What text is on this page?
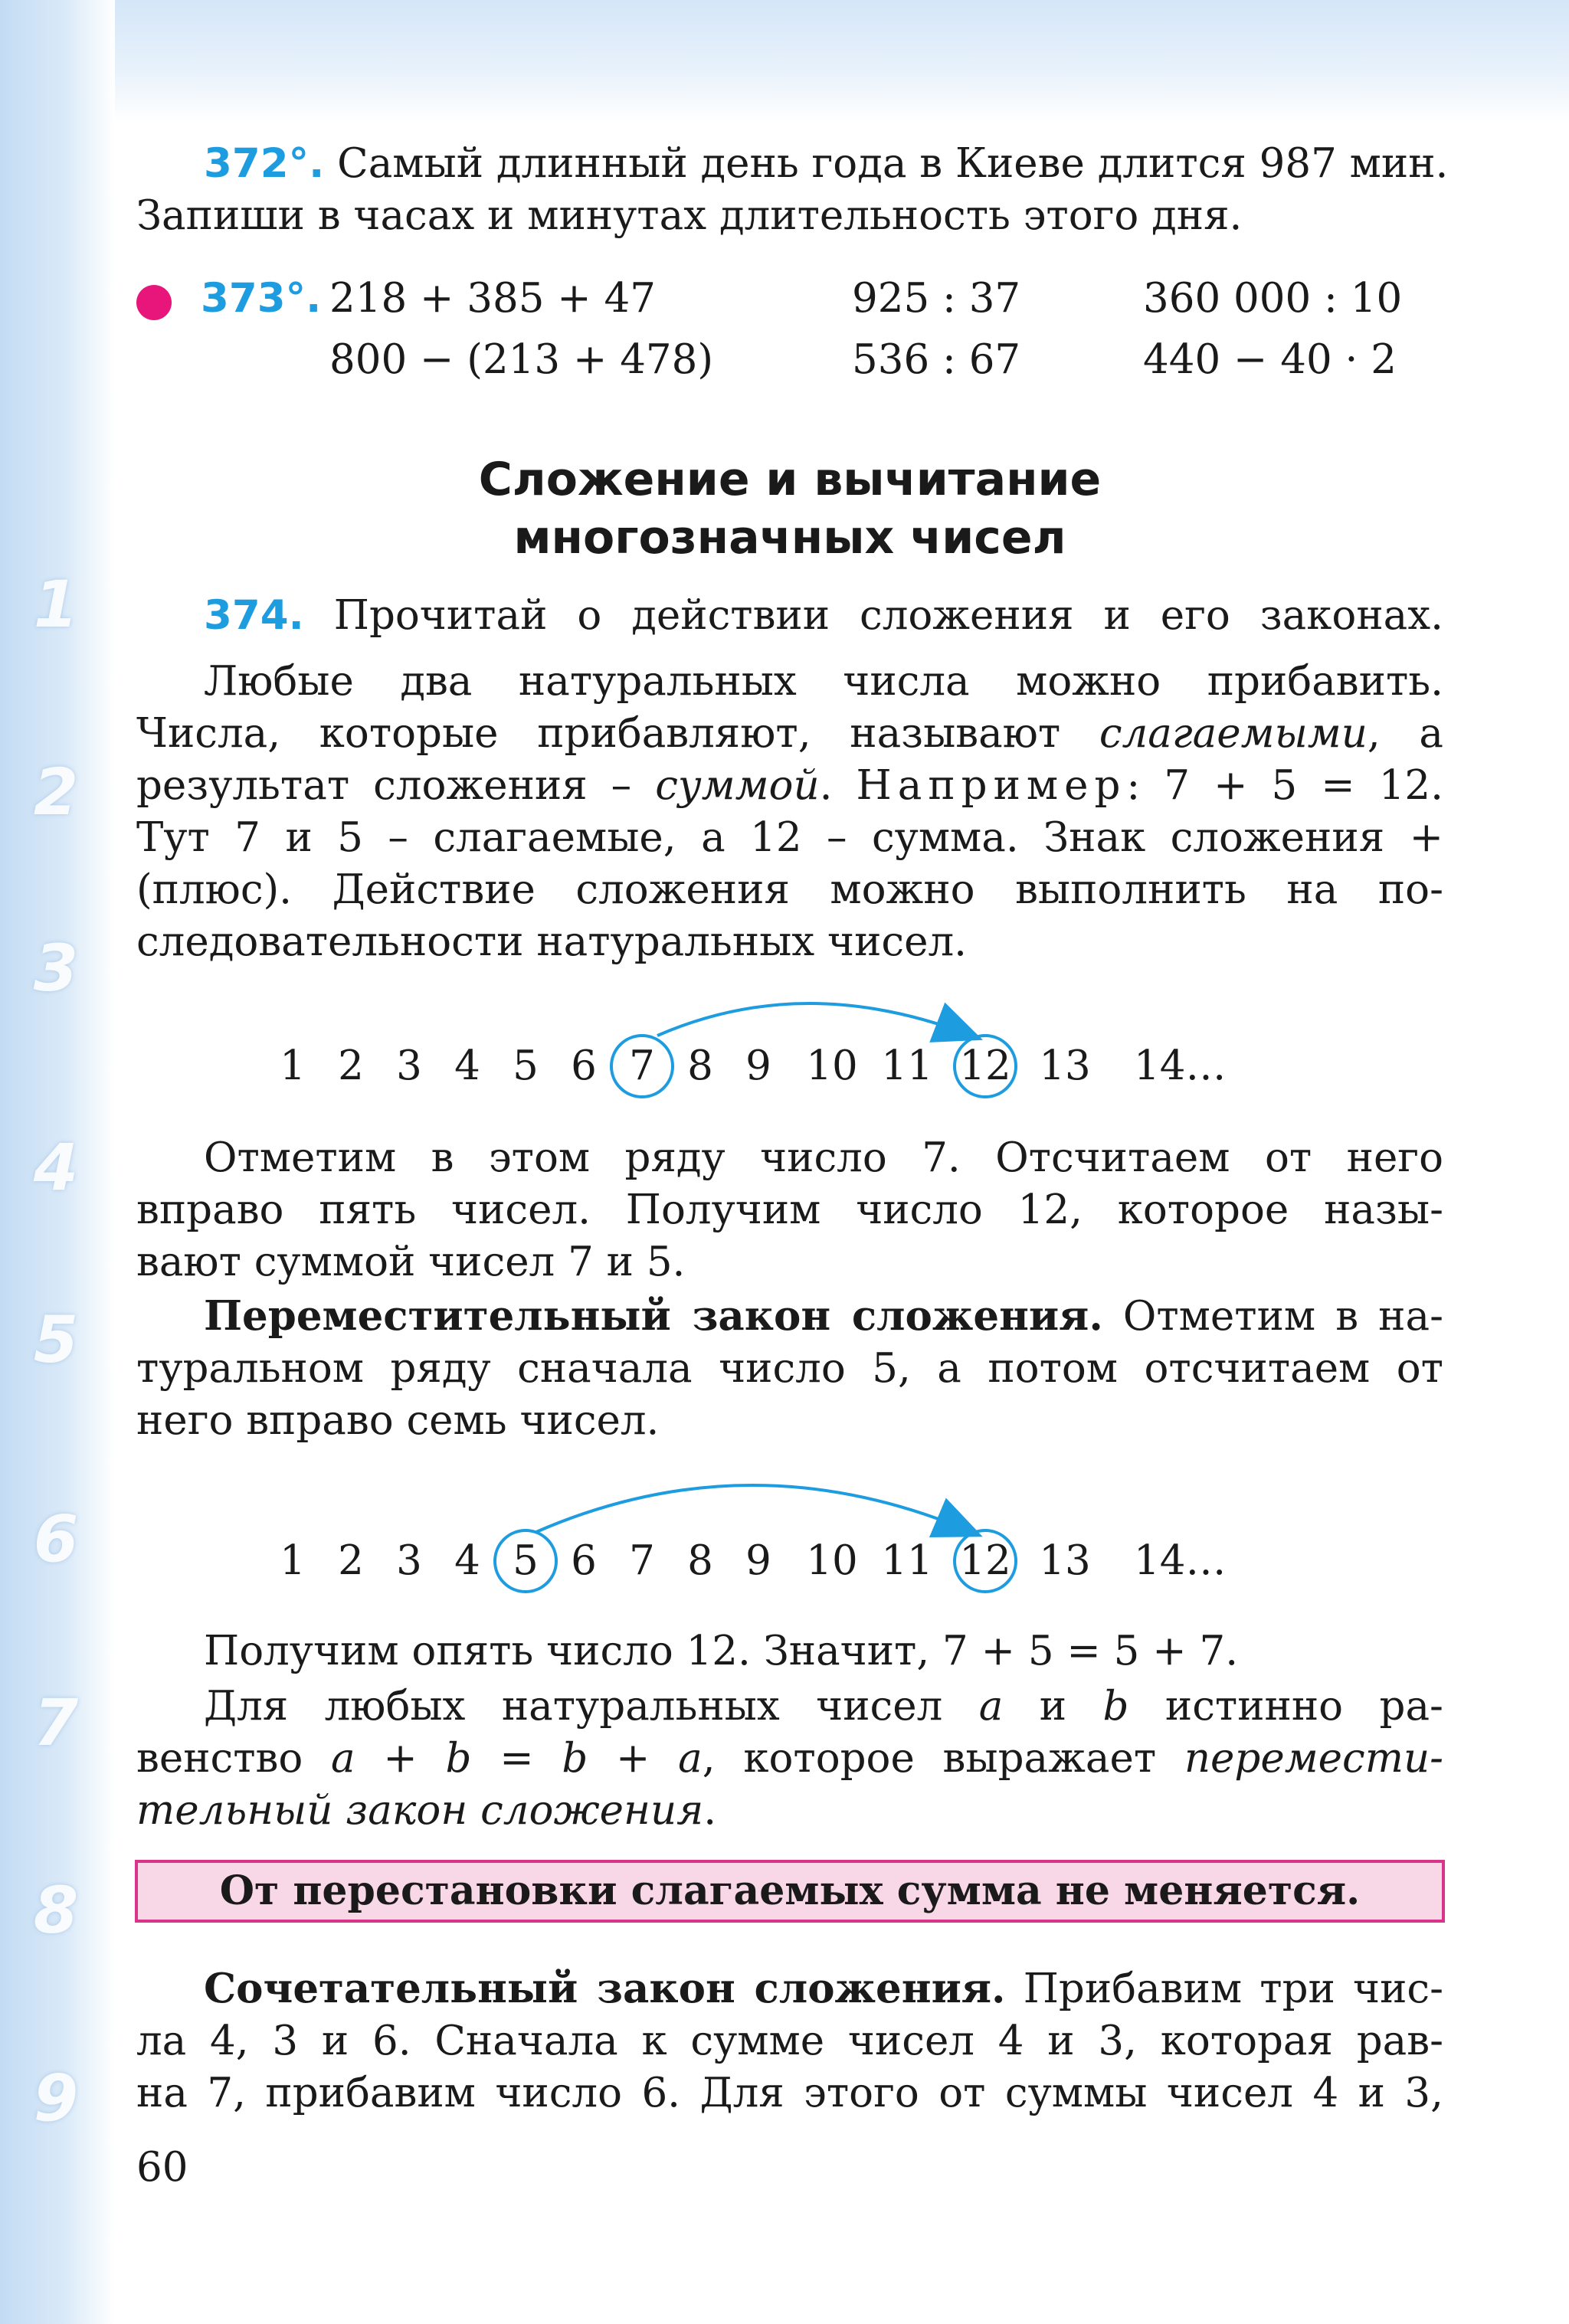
1
2
3
4
5
6
7
8
9
372°. Самый длинный день года в Киеве длится 987 мин.
Запиши в часах и минутах длительность этого дня.
373°. 218 + 385 + 47
800 − (213 + 478)
925 : 37
536 : 67
360 000 : 10
440 − 40 · 2
Сложение и вычитание
многозначных чисел
374. Прочитай о действии сложения и его законах.
Любые два натуральных числа можно прибавить.
Числа, которые прибавляют, называют слагаемыми, а
результат сложения – суммой. Например: 7 + 5 = 12.
Тут 7 и 5 – слагаемые, а 12 – сумма. Знак сложения +
(плюс). Действие сложения можно выполнить на по-
следовательности натуральных чисел.
1 2 3 4 5 6 7 8 9 10 11 12 13 14…
Отметим в этом ряду число 7. Отсчитаем от него
вправо пять чисел. Получим число 12, которое назы-
вают суммой чисел 7 и 5.
Переместительный закон сложения. Отметим в на-
туральном ряду сначала число 5, а потом отсчитаем от
него вправо семь чисел.
1 2 3 4 5 6 7 8 9 10 11 12 13 14…
Получим опять число 12. Значит, 7 + 5 = 5 + 7.
Для любых натуральных чисел a и b истинно ра-
венство a + b = b + a, которое выражает перемести-
тельный закон сложения.
От перестановки слагаемых сумма не меняется.
Сочетательный закон сложения. Прибавим три чис-
ла 4, 3 и 6. Сначала к сумме чисел 4 и 3, которая рав-
на 7, прибавим число 6. Для этого от суммы чисел 4 и 3,
60
